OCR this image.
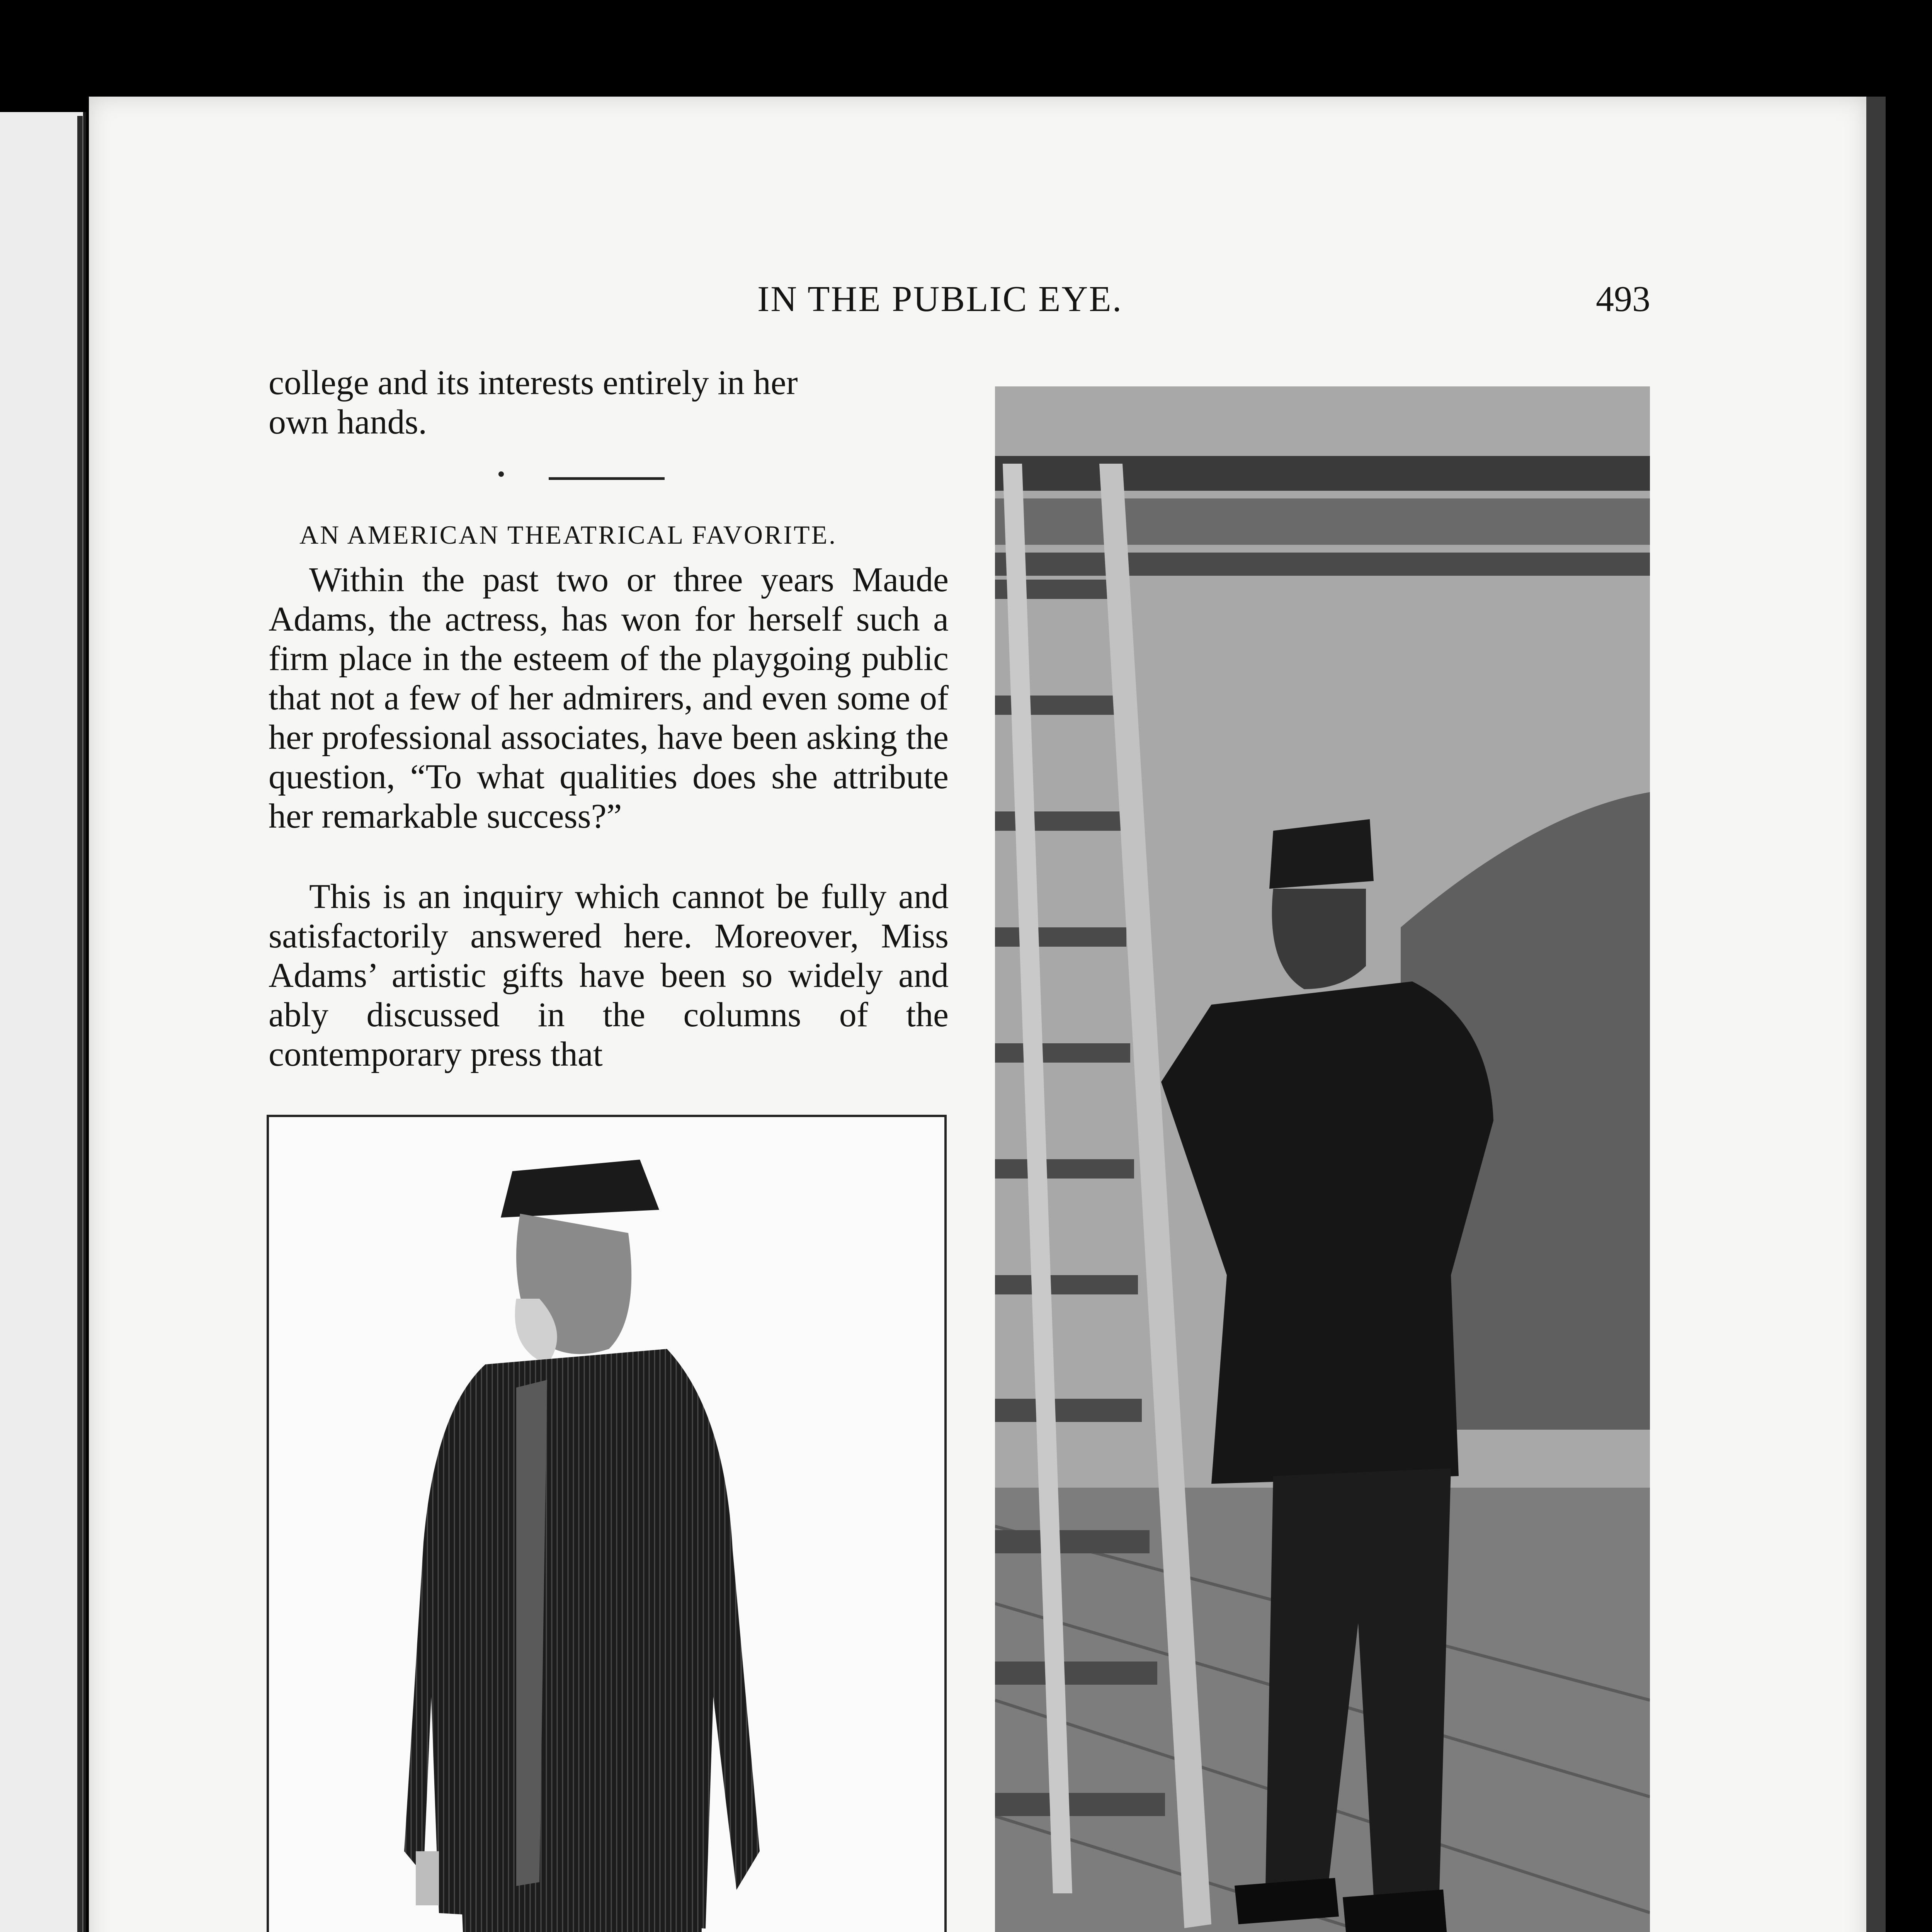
IN THE PUBLIC EYE.	493
college and its interests entirely in her
own hands.
AN AMERICAN THEATRICAL FAVORITE.

Within the past two or three years Maude Adams, the actress, has won for herself such a firm place in the esteem of the playgoing public that not a few of her admirers, and even some of her professional associates, have been asking the question, “To what qualities does she attribute her remarkable success?”

This is an inquiry which cannot be fully and satisfactorily answered here. Moreover, Miss Adams’ artistic gifts have been so widely and ably discussed in the columns of the contemporary press that
